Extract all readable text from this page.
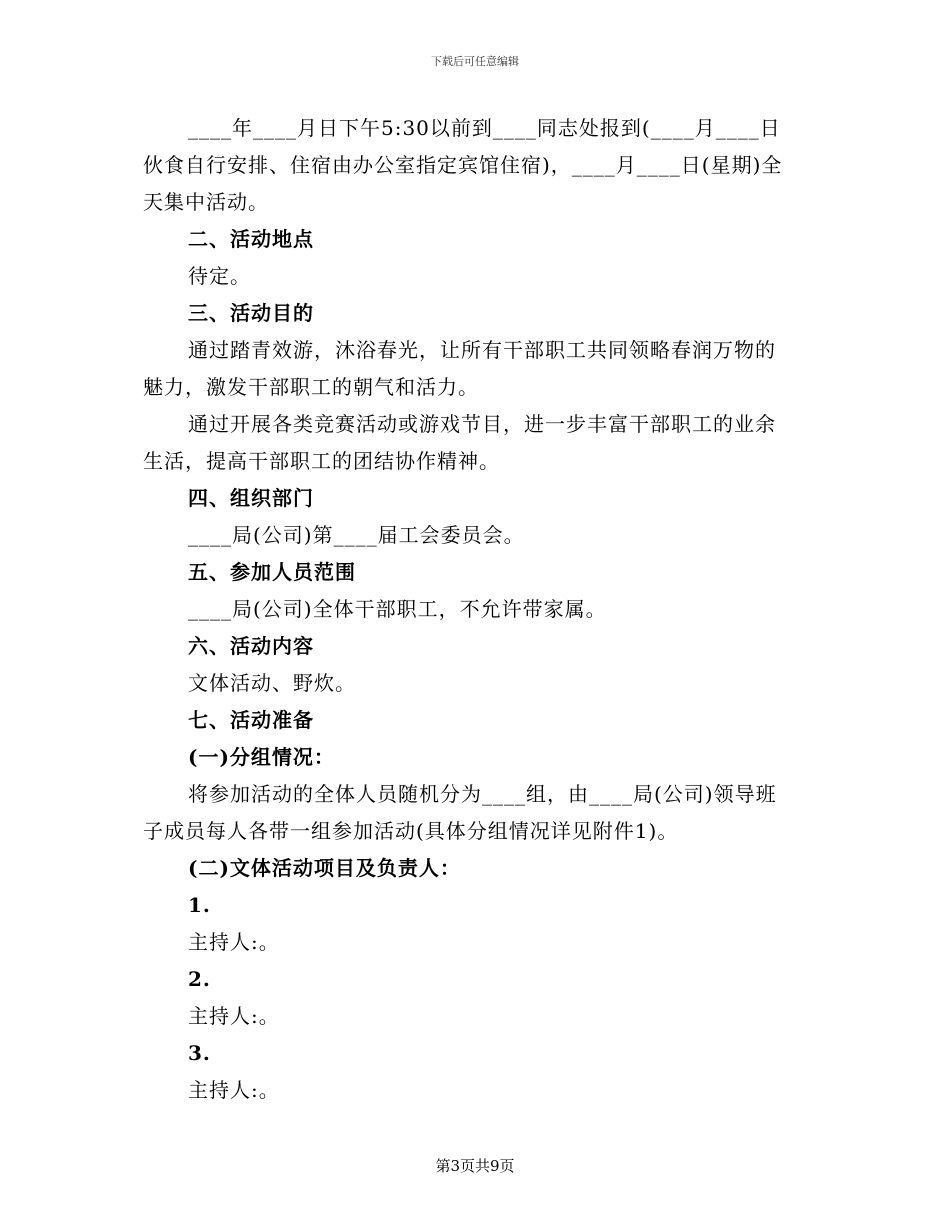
下载后可任意编辑
____年____月日下午5:30以前到____同志处报到(____月____日
伙食自行安排、住宿由办公室指定宾馆住宿)，____月____日(星期)全
天集中活动。
二、活动地点
待定。
三、活动目的
通过踏青效游，沐浴春光，让所有干部职工共同领略春润万物的
魅力，激发干部职工的朝气和活力。
通过开展各类竞赛活动或游戏节目，进一步丰富干部职工的业余
生活，提高干部职工的团结协作精神。
四、组织部门
____局(公司)第____届工会委员会。
五、参加人员范围
____局(公司)全体干部职工，不允许带家属。
六、活动内容
文体活动、野炊。
七、活动准备
(一)分组情况：
将参加活动的全体人员随机分为____组，由____局(公司)领导班
子成员每人各带一组参加活动(具体分组情况详见附件1)。
(二)文体活动项目及负责人：
1.
主持人:。
2.
主持人:。
3.
主持人:。
第3页共9页
